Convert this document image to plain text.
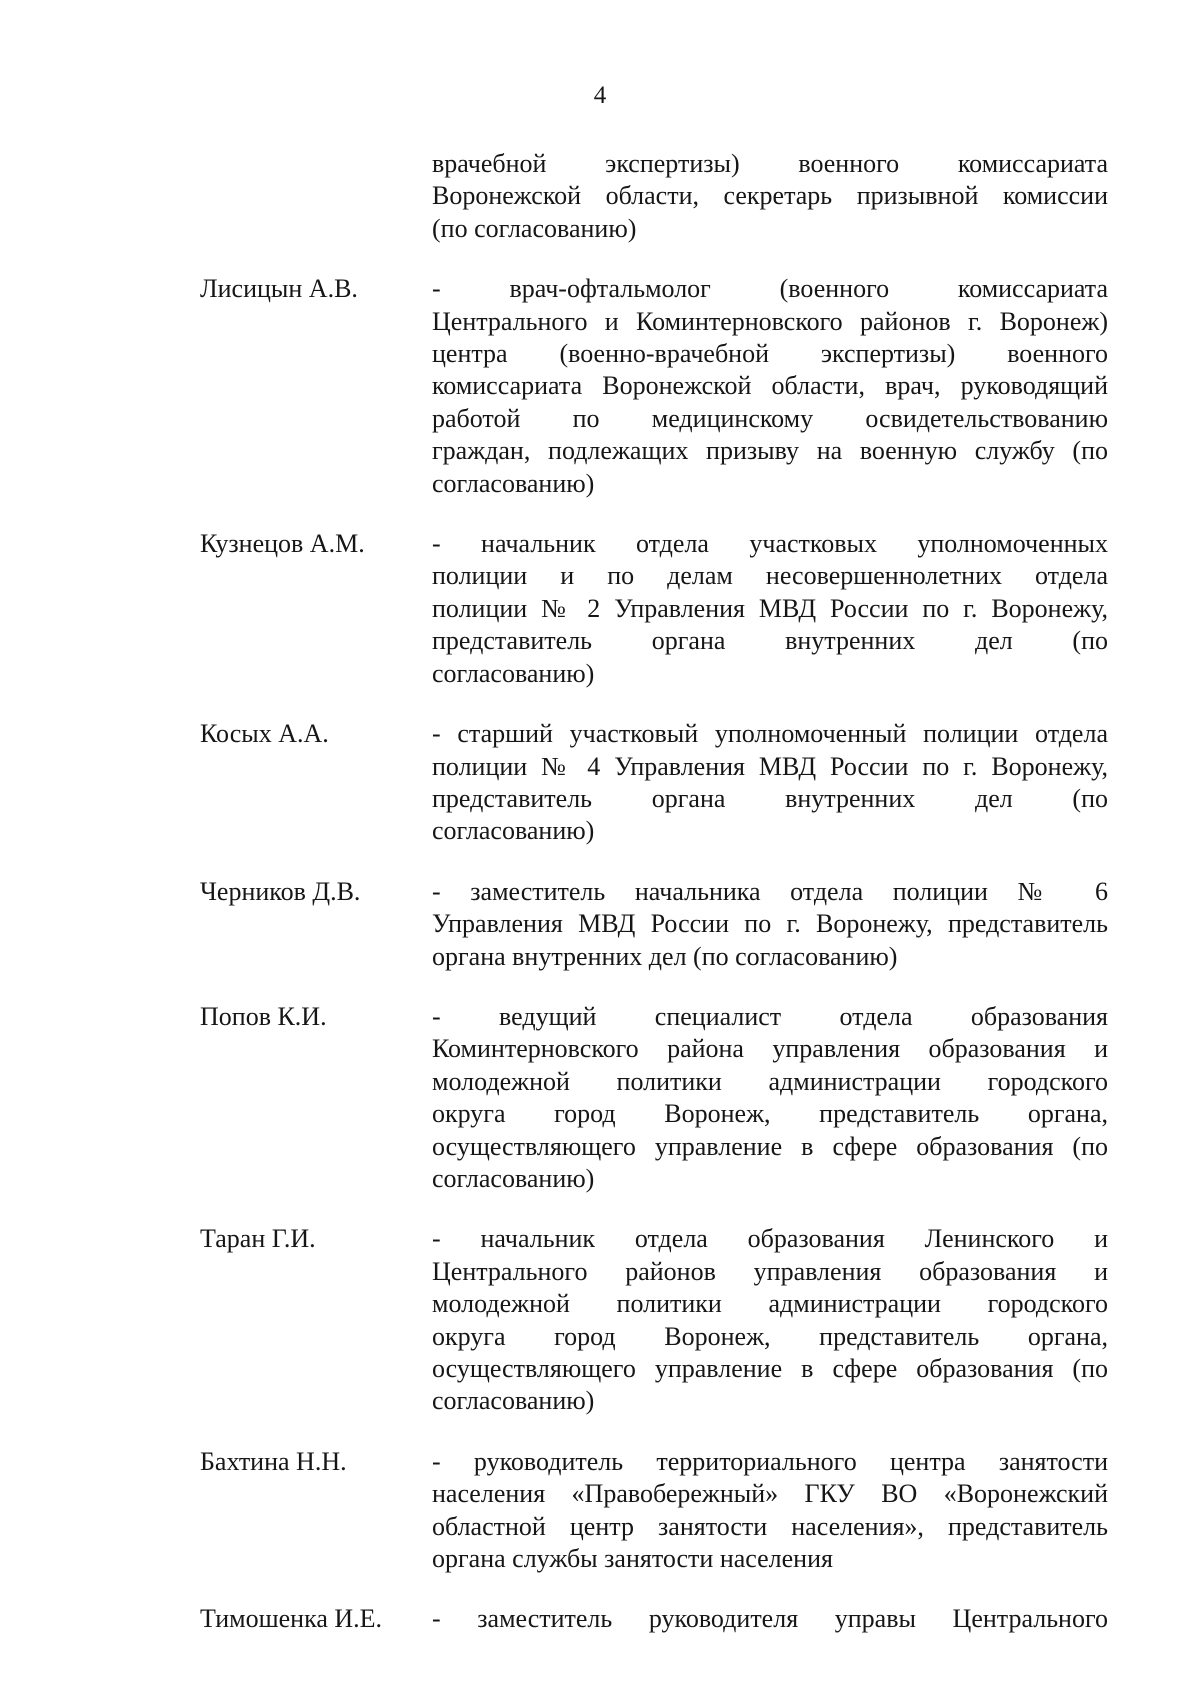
4
врачебной экспертизы) военного комиссариата
Воронежской области, секретарь призывной комиссии
(по согласованию)
Лисицын А.В.	- врач-офтальмолог (военного комиссариата
Центрального и Коминтерновского районов г. Воронеж)
центра (военно-врачебной экспертизы) военного
комиссариата Воронежской области, врач, руководящий
работой по медицинскому освидетельствованию
граждан, подлежащих призыву на военную службу (по
согласованию)
Кузнецов А.М.	- начальник отдела участковых уполномоченных
полиции и по делам несовершеннолетних отдела
полиции № 2 Управления МВД России по г. Воронежу,
представитель органа внутренних дел (по
согласованию)
Косых А.А.	- старший участковый уполномоченный полиции отдела
полиции № 4 Управления МВД России по г. Воронежу,
представитель органа внутренних дел (по
согласованию)
Черников Д.В.	- заместитель начальника отдела полиции № 6
Управления МВД России по г. Воронежу, представитель
органа внутренних дел (по согласованию)
Попов К.И.	- ведущий специалист отдела образования
Коминтерновского района управления образования и
молодежной политики администрации городского
округа город Воронеж, представитель органа,
осуществляющего управление в сфере образования (по
согласованию)
Таран Г.И.	- начальник отдела образования Ленинского и
Центрального районов управления образования и
молодежной политики администрации городского
округа город Воронеж, представитель органа,
осуществляющего управление в сфере образования (по
согласованию)
Бахтина Н.Н.	- руководитель территориального центра занятости
населения «Правобережный» ГКУ ВО «Воронежский
областной центр занятости населения», представитель
органа службы занятости населения
Тимошенка И.Е. - заместитель руководителя управы Центрального
